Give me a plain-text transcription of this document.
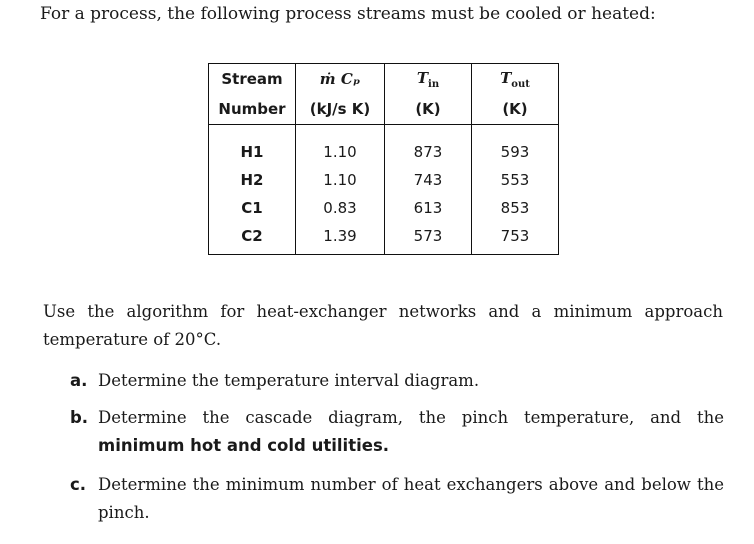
For a process, the following process streams must be cooled or heated:
Stream	ṁ Cₚ	$T_{in}$	$T_{out}$
Number	(kJ/s K)	(K)	(K)

H1	1.10	873	593
H2	1.10	743	553
C1	0.83	613	853
C2	1.39	573	753

Use the algorithm for heat-exchanger networks and a minimum approach temperature of 20°C.
a. Determine the temperature interval diagram.
b. Determine the cascade diagram, the pinch temperature, and the minimum hot and cold utilities.
c. Determine the minimum number of heat exchangers above and below the pinch.
